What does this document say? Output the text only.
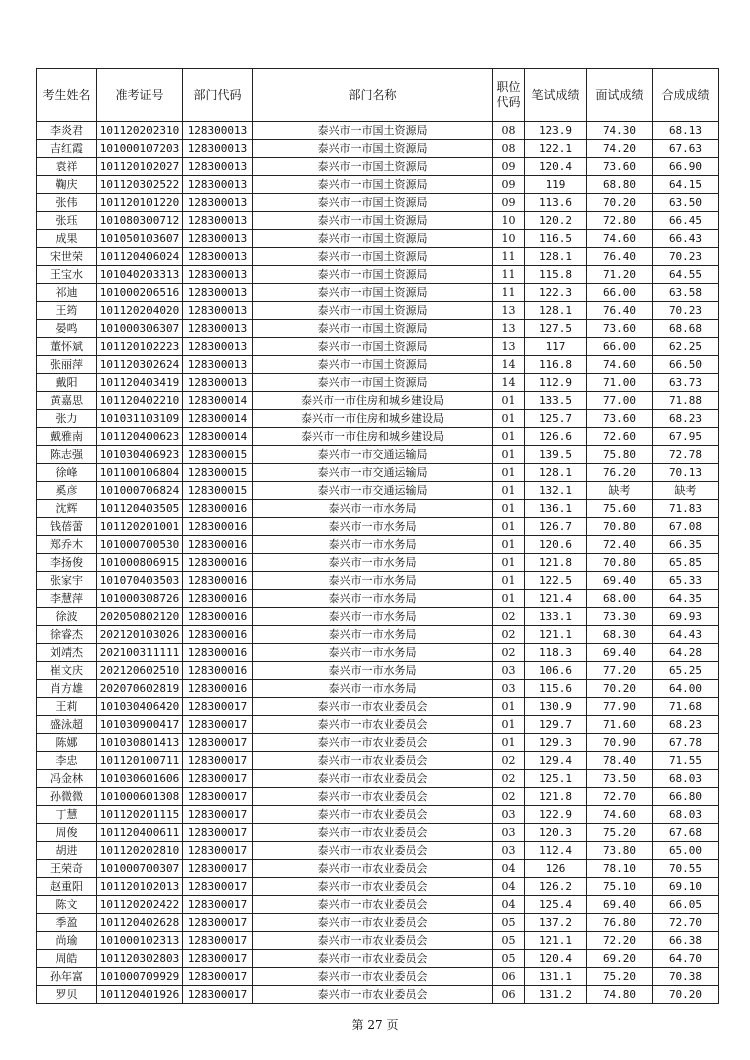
考生姓名	准考证号	部门代码	部门名称	职位代码	笔试成绩	面试成绩	合成成绩
李炎君	101120202310	128300013	泰兴市一市国土资源局	08	123.9	74.30	68.13
吉红霞	101000107203	128300013	泰兴市一市国土资源局	08	122.1	74.20	67.63
袁祥	101120102027	128300013	泰兴市一市国土资源局	09	120.4	73.60	66.90
鞠庆	101120302522	128300013	泰兴市一市国土资源局	09	119	68.80	64.15
张伟	101120101220	128300013	泰兴市一市国土资源局	09	113.6	70.20	63.50
张珏	101080300712	128300013	泰兴市一市国土资源局	10	120.2	72.80	66.45
成果	101050103607	128300013	泰兴市一市国土资源局	10	116.5	74.60	66.43
宋世荣	101120406024	128300013	泰兴市一市国土资源局	11	128.1	76.40	70.23
王宝水	101040203313	128300013	泰兴市一市国土资源局	11	115.8	71.20	64.55
祁迪	101000206516	128300013	泰兴市一市国土资源局	11	122.3	66.00	63.58
王筠	101120204020	128300013	泰兴市一市国土资源局	13	128.1	76.40	70.23
晏鸣	101000306307	128300013	泰兴市一市国土资源局	13	127.5	73.60	68.68
董怀斌	101120102223	128300013	泰兴市一市国土资源局	13	117	66.00	62.25
张丽萍	101120302624	128300013	泰兴市一市国土资源局	14	116.8	74.60	66.50
戴阳	101120403419	128300013	泰兴市一市国土资源局	14	112.9	71.00	63.73
黄嘉思	101120402210	128300014	泰兴市一市住房和城乡建设局	01	133.5	77.00	71.88
张力	101031103109	128300014	泰兴市一市住房和城乡建设局	01	125.7	73.60	68.23
戴雅南	101120400623	128300014	泰兴市一市住房和城乡建设局	01	126.6	72.60	67.95
陈志强	101030406923	128300015	泰兴市一市交通运输局	01	139.5	75.80	72.78
徐峰	101100106804	128300015	泰兴市一市交通运输局	01	128.1	76.20	70.13
奚彦	101000706824	128300015	泰兴市一市交通运输局	01	132.1	缺考	缺考
沈辉	101120403505	128300016	泰兴市一市水务局	01	136.1	75.60	71.83
钱蓓蕾	101120201001	128300016	泰兴市一市水务局	01	126.7	70.80	67.08
郑乔木	101000700530	128300016	泰兴市一市水务局	01	120.6	72.40	66.35
李扬俊	101000806915	128300016	泰兴市一市水务局	01	121.8	70.80	65.85
张家宇	101070403503	128300016	泰兴市一市水务局	01	122.5	69.40	65.33
李慧萍	101000308726	128300016	泰兴市一市水务局	01	121.4	68.00	64.35
徐波	202050802120	128300016	泰兴市一市水务局	02	133.1	73.30	69.93
徐睿杰	202120103026	128300016	泰兴市一市水务局	02	121.1	68.30	64.43
刘靖杰	202100311111	128300016	泰兴市一市水务局	02	118.3	69.40	64.28
崔文庆	202120602510	128300016	泰兴市一市水务局	03	106.6	77.20	65.25
肖方雄	202070602819	128300016	泰兴市一市水务局	03	115.6	70.20	64.00
王莉	101030406420	128300017	泰兴市一市农业委员会	01	130.9	77.90	71.68
盛泳超	101030900417	128300017	泰兴市一市农业委员会	01	129.7	71.60	68.23
陈娜	101030801413	128300017	泰兴市一市农业委员会	01	129.3	70.90	67.78
李忠	101120100711	128300017	泰兴市一市农业委员会	02	129.4	78.40	71.55
冯金林	101030601606	128300017	泰兴市一市农业委员会	02	125.1	73.50	68.03
孙微微	101000601308	128300017	泰兴市一市农业委员会	02	121.8	72.70	66.80
丁慧	101120201115	128300017	泰兴市一市农业委员会	03	122.9	74.60	68.03
周俊	101120400611	128300017	泰兴市一市农业委员会	03	120.3	75.20	67.68
胡进	101120202810	128300017	泰兴市一市农业委员会	03	112.4	73.80	65.00
王荣奇	101000700307	128300017	泰兴市一市农业委员会	04	126	78.10	70.55
赵重阳	101120102013	128300017	泰兴市一市农业委员会	04	126.2	75.10	69.10
陈文	101120202422	128300017	泰兴市一市农业委员会	04	125.4	69.40	66.05
季盈	101120402628	128300017	泰兴市一市农业委员会	05	137.2	76.80	72.70
尚瑜	101000102313	128300017	泰兴市一市农业委员会	05	121.1	72.20	66.38
周皓	101120302803	128300017	泰兴市一市农业委员会	05	120.4	69.20	64.70
孙年富	101000709929	128300017	泰兴市一市农业委员会	06	131.1	75.20	70.38
罗贝	101120401926	128300017	泰兴市一市农业委员会	06	131.2	74.80	70.20
第 27 页
